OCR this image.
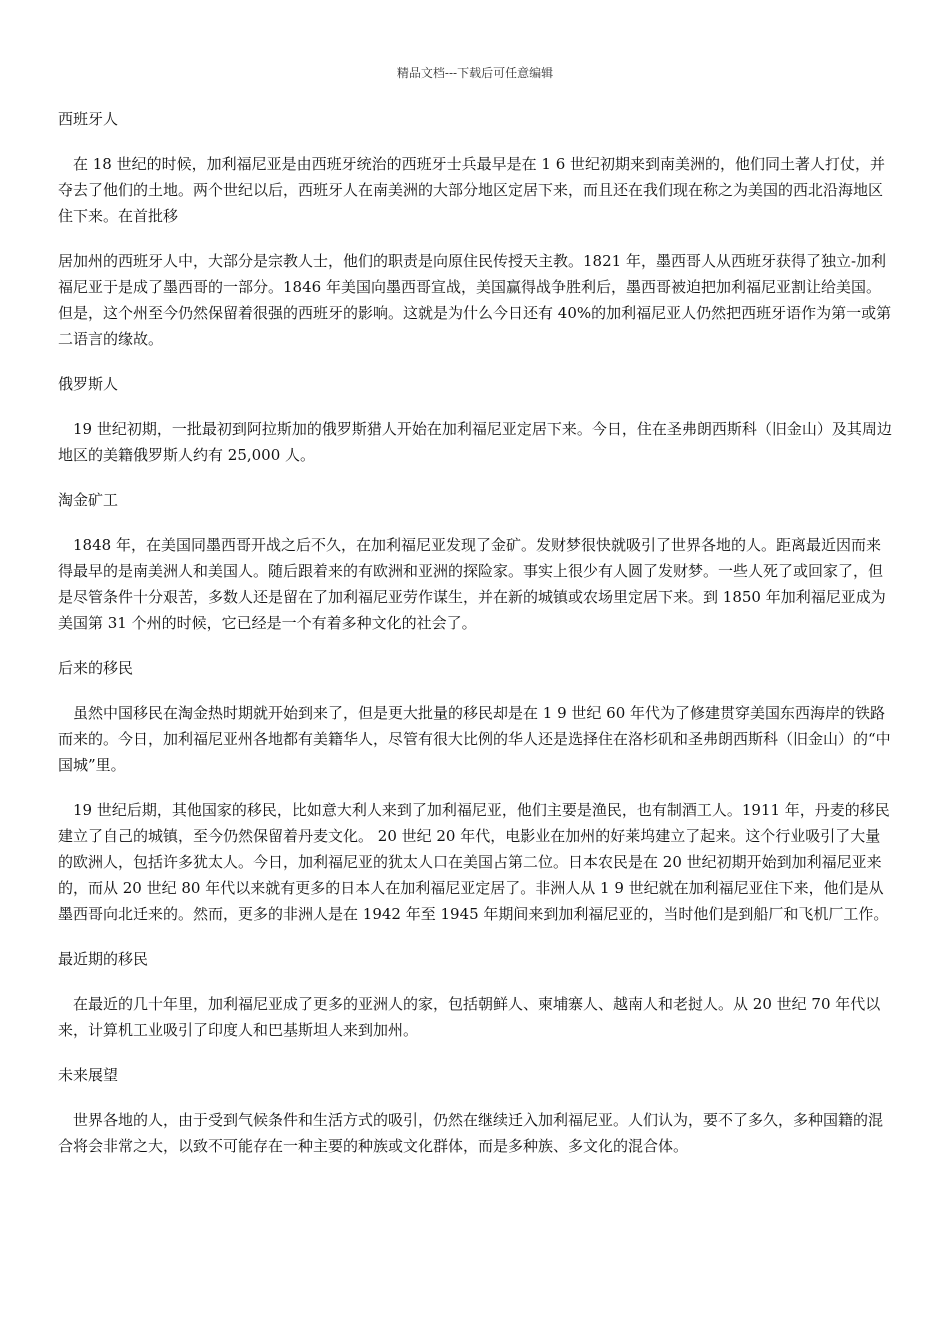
精品文档---下载后可任意编辑

西班牙人

在 18 世纪的时候，加利福尼亚是由西班牙统治的西班牙士兵最早是在 1 6 世纪初期来到南美洲的，他们同土著人打仗，并夺去了他们的土地。两个世纪以后，西班牙人在南美洲的大部分地区定居下来，而且还在我们现在称之为美国的西北沿海地区住下来。在首批移

居加州的西班牙人中，大部分是宗教人士，他们的职责是向原住民传授天主教。1821 年，墨西哥人从西班牙获得了独立-加利福尼亚于是成了墨西哥的一部分。1846 年美国向墨西哥宣战，美国赢得战争胜利后，墨西哥被迫把加利福尼亚割让给美国。但是，这个州至今仍然保留着很强的西班牙的影响。这就是为什么今日还有 40%的加利福尼亚人仍然把西班牙语作为第一或第二语言的缘故。

俄罗斯人

19 世纪初期，一批最初到阿拉斯加的俄罗斯猎人开始在加利福尼亚定居下来。今日，住在圣弗朗西斯科（旧金山）及其周边地区的美籍俄罗斯人约有 25,000 人。

淘金矿工

1848 年，在美国同墨西哥开战之后不久，在加利福尼亚发现了金矿。发财梦很快就吸引了世界各地的人。距离最近因而来得最早的是南美洲人和美国人。随后跟着来的有欧洲和亚洲的探险家。事实上很少有人圆了发财梦。一些人死了或回家了，但是尽管条件十分艰苦，多数人还是留在了加利福尼亚劳作谋生，并在新的城镇或农场里定居下来。到 1850 年加利福尼亚成为美国第 31 个州的时候，它已经是一个有着多种文化的社会了。

后来的移民

虽然中国移民在淘金热时期就开始到来了，但是更大批量的移民却是在 1 9 世纪 60 年代为了修建贯穿美国东西海岸的铁路而来的。今日，加利福尼亚州各地都有美籍华人，尽管有很大比例的华人还是选择住在洛杉矶和圣弗朗西斯科（旧金山）的“中国城”里。

19 世纪后期，其他国家的移民，比如意大利人来到了加利福尼亚，他们主要是渔民，也有制酒工人。1911 年，丹麦的移民建立了自己的城镇，至今仍然保留着丹麦文化。 20 世纪 20 年代，电影业在加州的好莱坞建立了起来。这个行业吸引了大量的欧洲人，包括许多犹太人。今日，加利福尼亚的犹太人口在美国占第二位。日本农民是在 20 世纪初期开始到加利福尼亚来的，而从 20 世纪 80 年代以来就有更多的日本人在加利福尼亚定居了。非洲人从 1 9 世纪就在加利福尼亚住下来，他们是从墨西哥向北迁来的。然而，更多的非洲人是在 1942 年至 1945 年期间来到加利福尼亚的，当时他们是到船厂和飞机厂工作。

最近期的移民

在最近的几十年里，加利福尼亚成了更多的亚洲人的家，包括朝鲜人、柬埔寨人、越南人和老挝人。从 20 世纪 70 年代以来，计算机工业吸引了印度人和巴基斯坦人来到加州。

未来展望

世界各地的人，由于受到气候条件和生活方式的吸引，仍然在继续迁入加利福尼亚。人们认为，要不了多久，多种国籍的混合将会非常之大，以致不可能存在一种主要的种族或文化群体，而是多种族、多文化的混合体。
